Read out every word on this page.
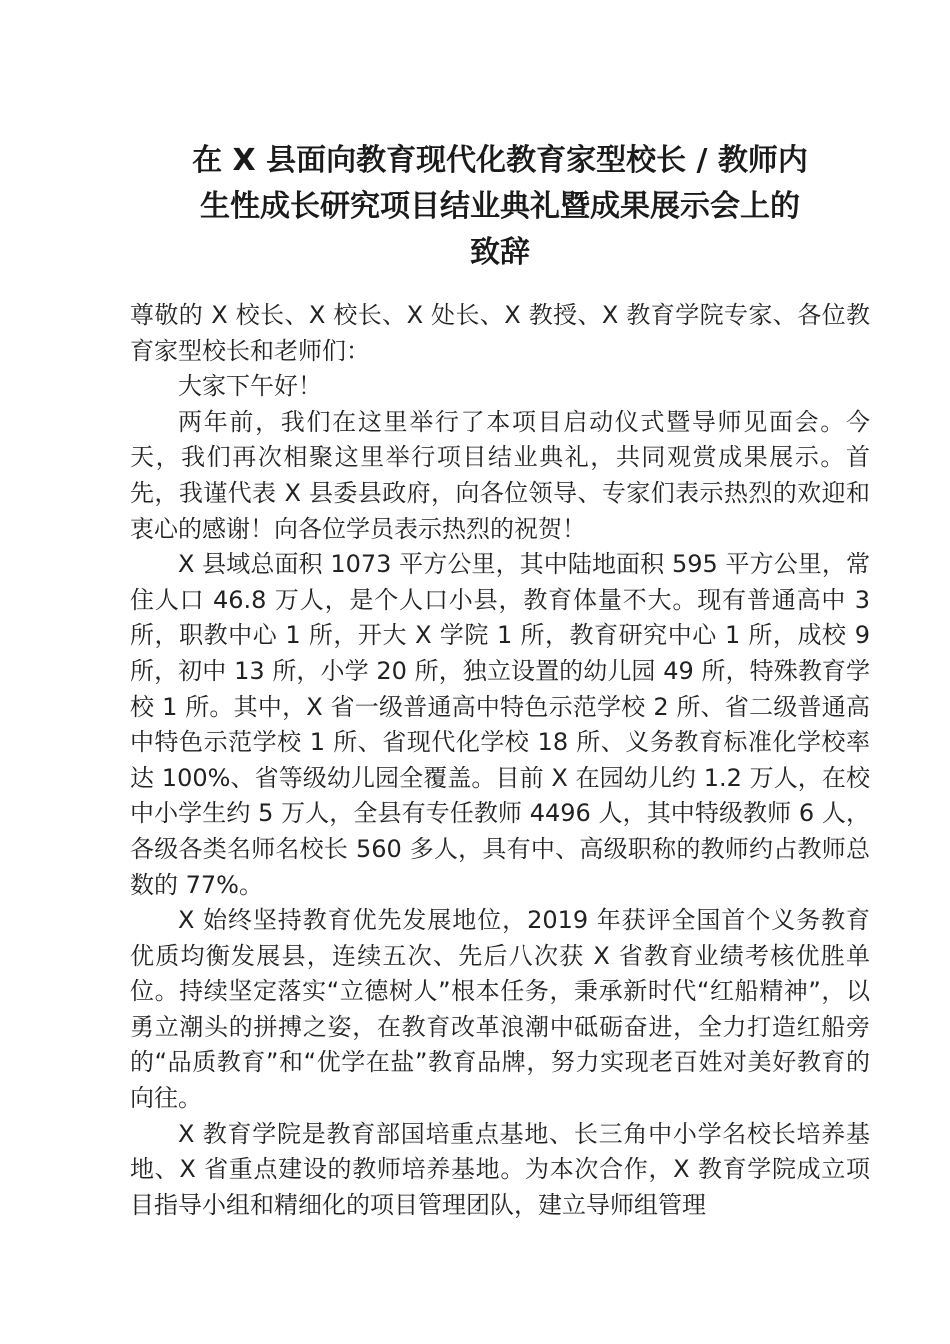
在 X 县面向教育现代化教育家型校长 / 教师内
生性成长研究项目结业典礼暨成果展示会上的
致辞

尊敬的 X 校长、X 校长、X 处长、X 教授、X 教育学院专家、各位教育家型校长和老师们：

大家下午好！

两年前，我们在这里举行了本项目启动仪式暨导师见面会。今天，我们再次相聚这里举行项目结业典礼，共同观赏成果展示。首先，我谨代表 X 县委县政府，向各位领导、专家们表示热烈的欢迎和衷心的感谢！向各位学员表示热烈的祝贺！

X 县域总面积 1073 平方公里，其中陆地面积 595 平方公里，常住人口 46.8 万人，是个人口小县，教育体量不大。现有普通高中 3 所，职教中心 1 所，开大 X 学院 1 所，教育研究中心 1 所，成校 9 所，初中 13 所，小学 20 所，独立设置的幼儿园 49 所，特殊教育学校 1 所。其中，X 省一级普通高中特色示范学校 2 所、省二级普通高中特色示范学校 1 所、省现代化学校 18 所、义务教育标准化学校率达 100%、省等级幼儿园全覆盖。目前 X 在园幼儿约 1.2 万人，在校中小学生约 5 万人，全县有专任教师 4496 人，其中特级教师 6 人，各级各类名师名校长 560 多人，具有中、高级职称的教师约占教师总数的 77%。

X 始终坚持教育优先发展地位，2019 年获评全国首个义务教育优质均衡发展县，连续五次、先后八次获 X 省教育业绩考核优胜单位。持续坚定落实“立德树人”根本任务，秉承新时代“红船精神”，以勇立潮头的拼搏之姿，在教育改革浪潮中砥砺奋进，全力打造红船旁的“品质教育”和“优学在盐”教育品牌，努力实现老百姓对美好教育的向往。

X 教育学院是教育部国培重点基地、长三角中小学名校长培养基地、X 省重点建设的教师培养基地。为本次合作，X 教育学院成立项目指导小组和精细化的项目管理团队，建立导师组管理
